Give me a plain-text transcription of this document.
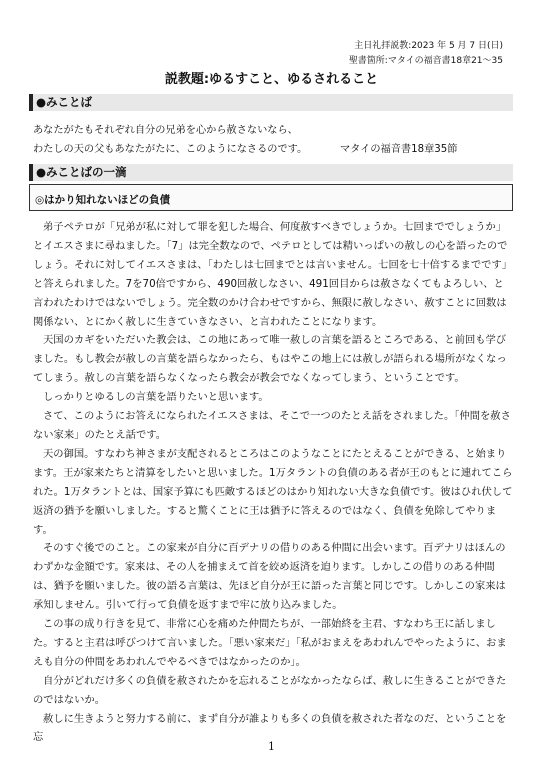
主日礼拝説教:2023 年 5 月 7 日(日)
聖書箇所:マタイの福音書18章21〜35
説教題:ゆるすこと、ゆるされること
●みことば
あなたがたもそれぞれ自分の兄弟を心から赦さないなら、
わたしの天の父もあなたがたに、このようになさるのです。	マタイの福音書18章35節
●みことばの一滴
◎はかり知れないほどの負債

弟子ペテロが「兄弟が私に対して罪を犯した場合、何度赦すべきでしょうか。七回まででしょうか」とイエスさまに尋ねました。「7」は完全数なので、ペテロとしては精いっぱいの赦しの心を語ったのでしょう。それに対してイエスさまは、「わたしは七回までとは言いません。七回を七十倍するまでです」と答えられました。7を70倍ですから、490回赦しなさい、491回目からは赦さなくてもよろしい、と言われたわけではないでしょう。完全数のかけ合わせですから、無限に赦しなさい、赦すことに回数は関係ない、とにかく赦しに生きていきなさい、と言われたことになります。

天国のカギをいただいた教会は、この地にあって唯一赦しの言葉を語るところである、と前回も学びました。もし教会が赦しの言葉を語らなかったら、もはやこの地上には赦しが語られる場所がなくなってしまう。赦しの言葉を語らなくなったら教会が教会でなくなってしまう、ということです。

しっかりとゆるしの言葉を語りたいと思います。

さて、このようにお答えになられたイエスさまは、そこで一つのたとえ話をされました。「仲間を赦さない家来」のたとえ話です。

天の御国。すなわち神さまが支配されるところはこのようなことにたとえることができる、と始まります。王が家来たちと清算をしたいと思いました。1万タラントの負債のある者が王のもとに連れてこられた。1万タラントとは、国家予算にも匹敵するほどのはかり知れない大きな負債です。彼はひれ伏して返済の猶予を願いしました。すると驚くことに王は猶予に答えるのではなく、負債を免除してやります。

そのすぐ後でのこと。この家来が自分に百デナリの借りのある仲間に出会います。百デナリはほんのわずかな金額です。家来は、その人を捕まえて首を絞め返済を迫ります。しかしこの借りのある仲間は、猶予を願いました。彼の語る言葉は、先ほど自分が王に語った言葉と同じです。しかしこの家来は承知しません。引いて行って負債を返すまで牢に放り込みました。

この事の成り行きを見て、非常に心を痛めた仲間たちが、一部始終を主君、すなわち王に話しました。すると主君は呼びつけて言いました。「悪い家来だ」「私がおまえをあわれんでやったように、おまえも自分の仲間をあわれんでやるべきではなかったのか」。

自分がどれだけ多くの負債を赦されたかを忘れることがなかったならば、赦しに生きることができたのではないか。

赦しに生きようと努力する前に、まず自分が誰よりも多くの負債を赦された者なのだ、ということを忘

1
